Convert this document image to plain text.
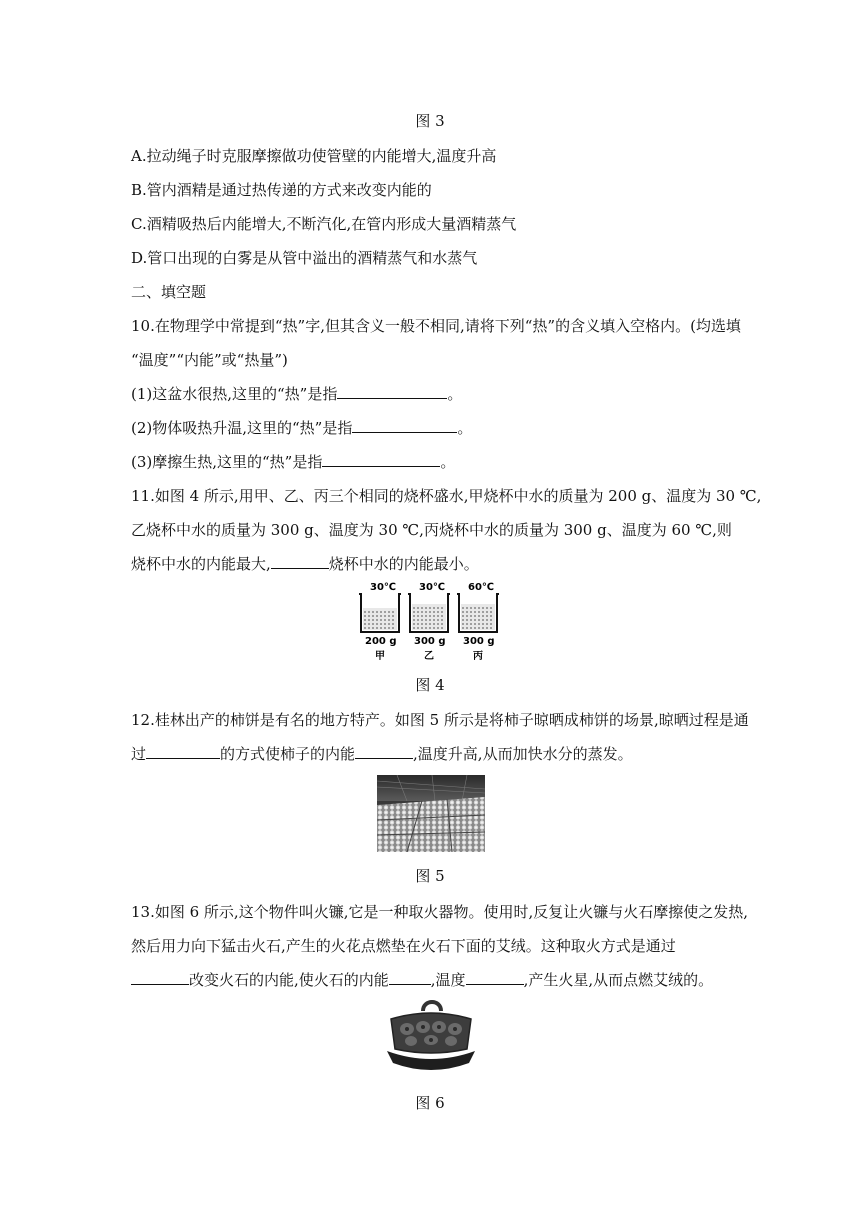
图 3
A.拉动绳子时克服摩擦做功使管壁的内能增大,温度升高
B.管内酒精是通过热传递的方式来改变内能的
C.酒精吸热后内能增大,不断汽化,在管内形成大量酒精蒸气
D.管口出现的白雾是从管中溢出的酒精蒸气和水蒸气
二、填空题
10.在物理学中常提到“热”字,但其含义一般不相同,请将下列“热”的含义填入空格内。(均选填
“温度”“内能”或“热量”)
(1)这盆水很热,这里的“热”是指	。
(2)物体吸热升温,这里的“热”是指	。
(3)摩擦生热,这里的“热”是指	。
11.如图 4 所示,用甲、乙、丙三个相同的烧杯盛水,甲烧杯中水的质量为 200 g、温度为 30 ℃,
乙烧杯中水的质量为 300 g、温度为 30 ℃,丙烧杯中水的质量为 300 g、温度为 60 ℃,则
烧杯中水的内能最大,	烧杯中水的内能最小。
30℃ 30℃ 60℃
200 g 300 g 300 g
甲	乙	丙
图 4
12.桂林出产的柿饼是有名的地方特产。如图 5 所示是将柿子晾晒成柿饼的场景,晾晒过程是通
过	的方式使柿子的内能	,温度升高,从而加快水分的蒸发。
图 5
13.如图 6 所示,这个物件叫火镰,它是一种取火器物。使用时,反复让火镰与火石摩擦使之发热,
然后用力向下猛击火石,产生的火花点燃垫在火石下面的艾绒。这种取火方式是通过
改变火石的内能,使火石的内能	,温度	,产生火星,从而点燃艾绒的。
图 6
